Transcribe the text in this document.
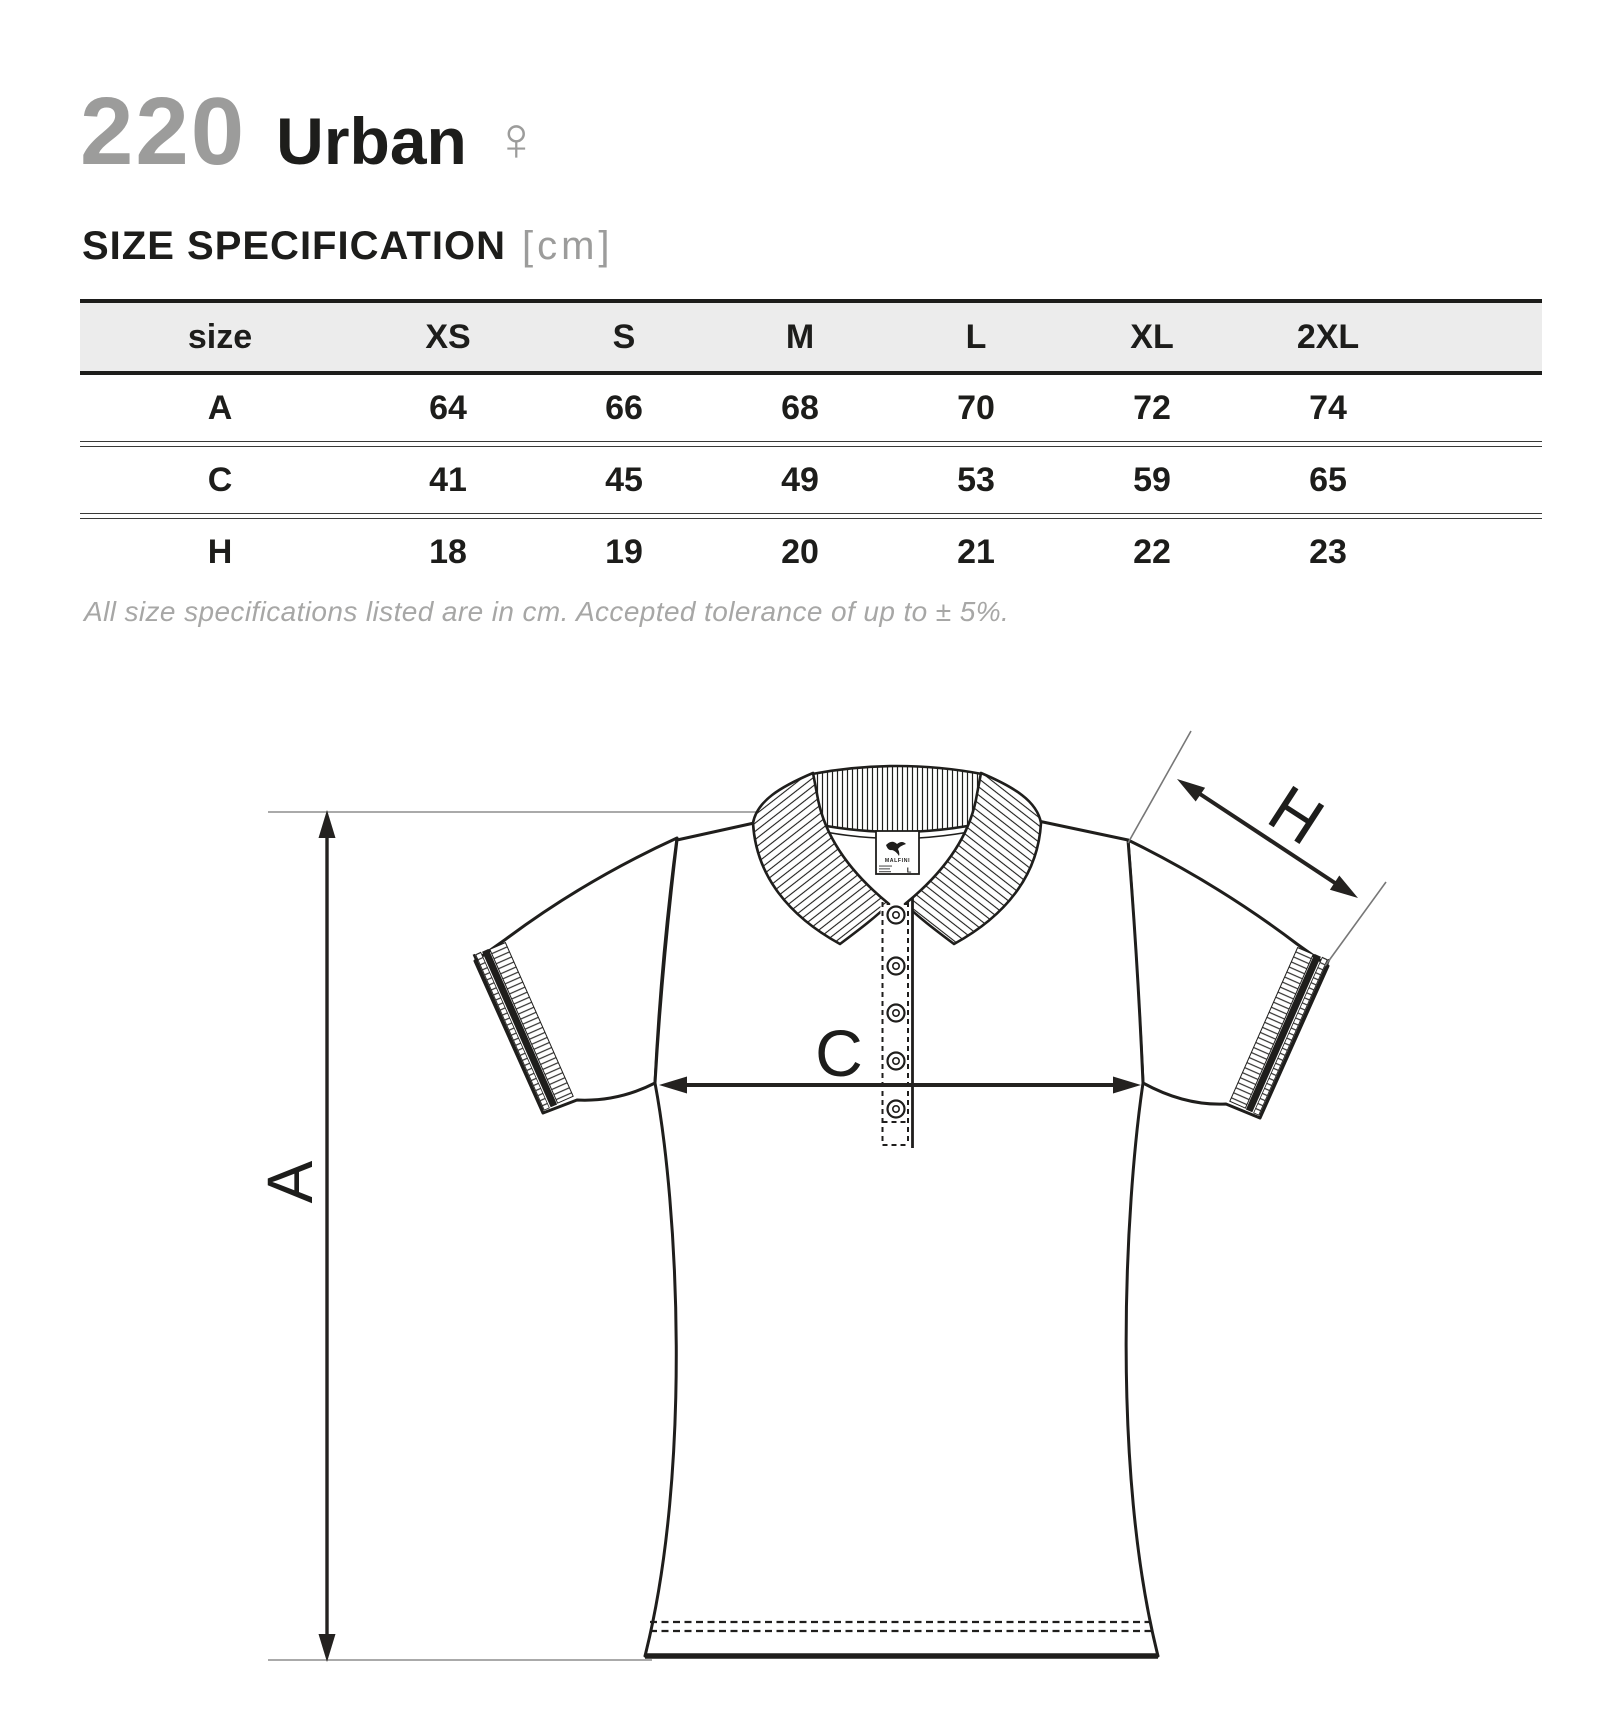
MALFINI
L
A
C
H
220 Urban ♀
SIZE SPECIFICATION [cm]
size	XS	S	M	L	XL	2XL
A	64	66	68	70	72	74
C	41	45	49	53	59	65
H	18	19	20	21	22	23
All size specifications listed are in cm. Accepted tolerance of up to ± 5%.
